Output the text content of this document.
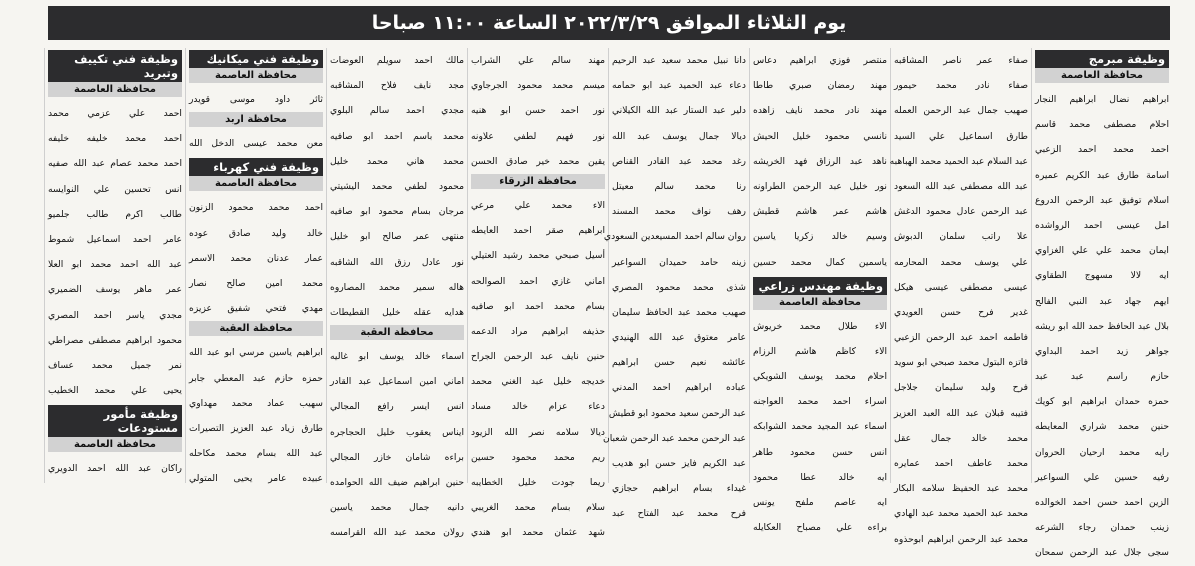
يوم الثلاثاء الموافق ٢٠٢٢/٣/٢٩ الساعة ١١:٠٠ صباحا
وظيفة مبرمج
محافظة العاصمة
ابراهيم نضال ابراهيم النجار
احلام مصطفى محمد قاسم
احمد محمد احمد الزعبي
اسامة طارق عبد الكريم عميره
اسلام توفيق عبد الرحمن الدروع
امل عيسى احمد الرواشده
ايمان محمد علي علي الغزاوي
ايه لالا مسهوج الطقاوي
ايهم جهاد عبد النبي الفالح
بلال عبد الحافظ حمد الله ابو ريشه
جواهر زيد احمد البداوي
حازم راسم عبد عبد
حمزه حمدان ابراهيم ابو كويك
حنين محمد شراري المعايطه
رايه محمد ارحيان الحروان
رفيه حسين علي السواعير
الزين احمد حسن احمد الخوالده
زينب حمدان رجاء الشرعه
سجى جلال عبد الرحمن سمحان
صفاء عمر ناصر المشاقبه
صفاء نادر محمد حيمور
صهيب جمال عبد الرحمن العمله
طارق اسماعيل علي السيد
عبد السلام عبد الحميد محمد الهباهبه
عبد الله مصطفى عبد الله السعود
عبد الرحمن عادل محمود الدغش
علا راتب سلمان الدبوش
علي يوسف محمد المحارمه
عيسى مصطفى عيسى هيكل
غدير فرح حسن العويدي
فاطمه احمد عبد الرحمن الزعبي
فاتزه البتول محمد صبحي ابو سويد
فرح وليد سليمان جلاجل
فتيبه قبلان عبد الله العبد العزيز
محمد خالد جمال عقل
محمد عاطف احمد عمايره
محمد عبد الحفيظ سلامه البكار
محمد عبد الحميد محمد عبد الهادي
محمد عبد الرحمن ابراهيم ابوحذوه
منتصر فوزي ابراهيم دعاس
مهند رمضان صبري طاطا
مهند نادر محمد نايف زاهده
نانسي محمود خليل الحيش
ناهد عبد الرزاق فهد الخريشه
نور خليل عبد الرحمن الطراونه
هاشم عمر هاشم قطيش
وسيم خالد زكريا ياسين
ياسمين كمال محمد حسين
وظيفة مهندس زراعي
محافظة العاصمة
الاء طلال محمد خريوش
الاء كاظم هاشم الرزام
احلام محمد يوسف الشويكي
اسراء احمد محمد العواجنه
اسماء عبد المجيد محمد الشوابكه
انس حسن محمود طاهر
ايه خالد عطا محمود
ايه عاصم ملفح يونس
براءه علي مصباح العكايله
دانا نبيل محمد سعيد عبد الرحيم
دعاء عبد الحميد عبد ابو حمامه
دلير عبد الستار عبد الله الكيلاني
ديالا جمال يوسف عبد الله
رغد محمد عبد القادر القناص
رنا محمد سالم معيتل
رهف نواف محمد المسند
روان سالم احمد المسيعدين السعودي
زينه حامد حميدان السواعير
شذى محمد محمود المصري
صهيب محمد عبد الحافظ سليمان
عامر معتوق عبد الله الهنيدي
عائشه نعيم حسن ابراهيم
عباده ابراهيم احمد المدني
عبد الرحمن سعيد محمود ابو قطيش
عبد الرحمن محمد عبد الرحمن شعبان
عبد الكريم فايز حسن ابو هديب
غيداء بسام ابراهيم حجازي
فرح محمد عبد الفتاح عبد
مهند سالم علي الشراب
ميسم محمد محمود الجرجاوي
نور احمد حسن ابو هنيه
نور فهيم لطفي علاونه
يقين محمد خير صادق الحسن
محافظة الزرقاء
الاء محمد علي مرعي
ابراهيم صقر احمد العايطه
أسيل صبحي محمد رشيد العتيلي
اماني غازي احمد الصوالحه
بسام محمد احمد ابو صافيه
حذيفه ابراهيم مراد الدعمه
حنين نايف عبد الرحمن الجراح
خديجه خليل عبد الغني محمد
دعاء عزام خالد مساد
ديالا سلامه نصر الله الزيود
ريم محمد محمود حسين
ريما جودت خليل الخطايبه
سلام بسام محمد الغريبي
شهد عثمان محمد ابو هندي
مالك احمد سويلم العوضات
مجد نايف فلاح المشاقبه
مجدي احمد سالم البلوي
محمد باسم احمد ابو صافيه
محمد هاني محمد خليل
محمود لطفي محمد اليشيتي
مرجان بسام محمود ابو صافيه
منتهى عمر صالح ابو خليل
نور عادل رزق الله الشاقبه
هاله سمير محمد المصاروه
هدايه عقله خليل القطيطات
محافظة العقبة
اسماء خالد يوسف ابو غاليه
اماني امين اسماعيل عبد القادر
انس ايسر رافع المجالي
ايناس يعقوب خليل الحجاجره
براءه شامان خازر المجالي
حنين ابراهيم ضيف الله الحوامده
دانيه جمال محمد ياسين
رولان محمد عبد الله القرامسه
وظيفة فني ميكانيك
محافظة العاصمة
ثائر داود موسى قويدر
محافظة اربد
معن محمد عيسى الدخل الله
وظيفة فني كهرباء
محافظة العاصمة
احمد محمد محمود الزنون
خالد وليد صادق عوده
عمار عدنان محمد الاسمر
محمد امين صالح نصار
مهدي فتحي شفيق عزيزه
محافظة العقبة
ابراهيم ياسين مرسي ابو عبد الله
حمزه حازم عبد المعطي جابر
سهيب عماد محمد مهداوي
طارق زياد عبد العزيز التصيرات
عبد الله بسام محمد مكاحله
عبيده عامر يحيى المتولي
وظيفة فني تكييف وتبريد
محافظة العاصمة
احمد علي عزمي محمد
احمد محمد خليفه خليفه
احمد محمد عصام عبد الله صفيه
انس تحسين علي النوايسه
طالب اكرم طالب جلميو
عامر احمد اسماعيل شموط
عبد الله احمد محمد ابو العلا
عمر ماهر يوسف الضميري
مجدي ياسر احمد المصري
محمود ابراهيم مصطفى مصراطي
نمر جميل محمد عساف
يحيى علي محمد الخطيب
وظيفة مأمور مستودعات
محافظة العاصمة
راكان عبد الله احمد الدويري
